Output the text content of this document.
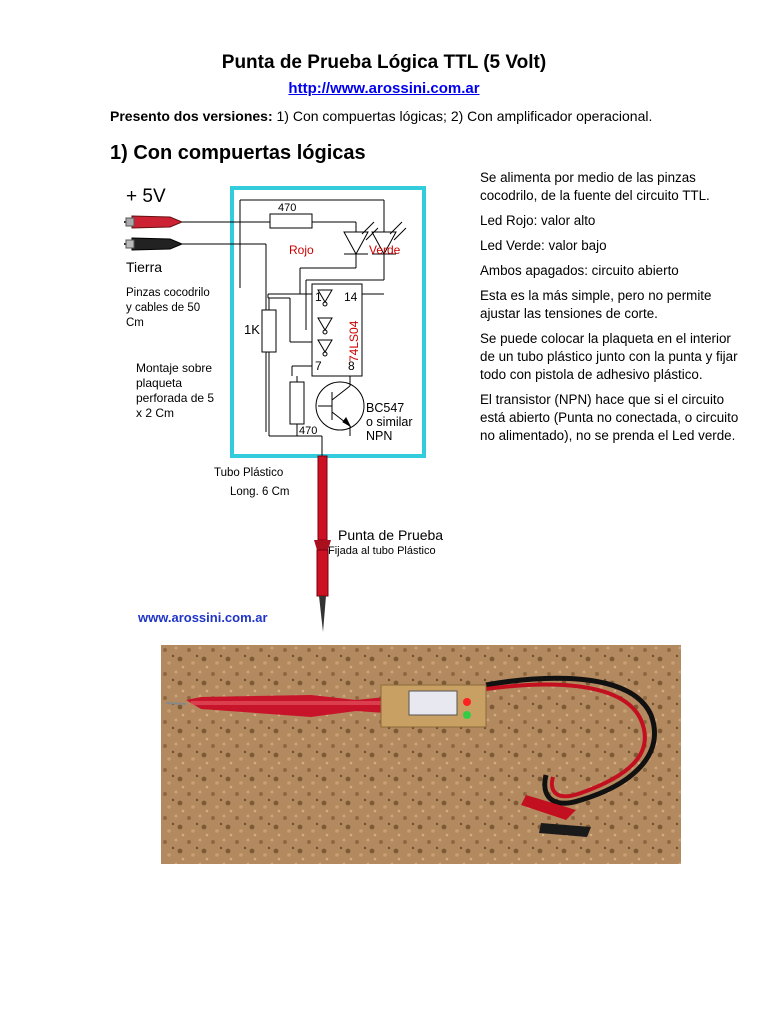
Punta de Prueba Lógica TTL (5 Volt)
http://www.arossini.com.ar
Presento dos versiones: 1) Con compuertas lógicas; 2) Con amplificador operacional.
1) Con compuertas lógicas

Se alimenta por medio de las pinzas cocodrilo, de la fuente del circuito TTL.

Led Rojo: valor alto

Led Verde: valor bajo

Ambos apagados: circuito abierto

Esta es la más simple, pero no permite ajustar las tensiones de corte.

Se puede colocar la plaqueta en el interior de un tubo plástico junto con la punta y fijar todo con pistola de adhesivo plástico.

El transistor (NPN) hace que si el circuito está abierto (Punta no conectada, o circuito no alimentado), no se prenda el Led verde.

+ 5V
Tierra
Pinzas cocodrilo
y cables de 50
Cm
470
Rojo	Verde
1 14
7 8
74LS04
1K
470
BC547
o similar
NPN
Montaje sobre
plaqueta
perforada de 5
x 2 Cm
Tubo Plástico
Long. 6 Cm
Punta de Prueba
Fijada al tubo Plástico
www.arossini.com.ar
